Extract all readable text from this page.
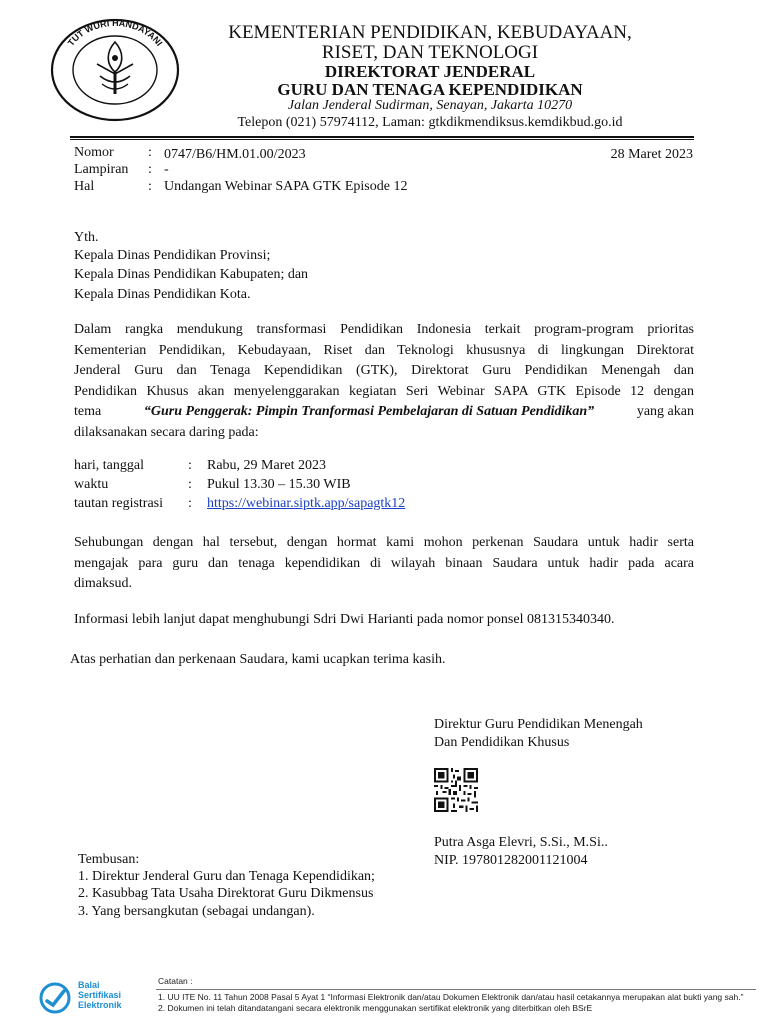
TUT WURI HANDAYANI
KEMENTERIAN PENDIDIKAN, KEBUDAYAAN,
RISET, DAN TEKNOLOGI
DIREKTORAT JENDERAL
GURU DAN TENAGA KEPENDIDIKAN
Jalan Jenderal Sudirman, Senayan, Jakarta 10270
Telepon (021) 57974112, Laman: gtkdikmendiksus.kemdikbud.go.id
Nomor : 0747/B6/HM.01.00/2023	28 Maret 2023
Lampiran : -
Hal	: Undangan Webinar SAPA GTK Episode 12
Yth.
Kepala Dinas Pendidikan Provinsi;
Kepala Dinas Pendidikan Kabupaten; dan
Kepala Dinas Pendidikan Kota.
Dalam rangka mendukung transformasi Pendidikan Indonesia terkait program-program prioritas
Kementerian Pendidikan, Kebudayaan, Riset dan Teknologi khususnya di lingkungan Direktorat
Jenderal Guru dan Tenaga Kependidikan (GTK), Direktorat Guru Pendidikan Menengah dan
Pendidikan Khusus akan menyelenggarakan kegiatan Seri Webinar SAPA GTK Episode 12 dengan
tema	“Guru Penggerak: Pimpin Tranformasi Pembelajaran di Satuan Pendidikan”	yang akan
dilaksanakan secara daring pada:
hari, tanggal	: Rabu, 29 Maret 2023
waktu	: Pukul 13.30 – 15.30 WIB
tautan registrasi : https://webinar.siptk.app/sapagtk12
Sehubungan dengan hal tersebut, dengan hormat kami mohon perkenan Saudara untuk hadir serta
mengajak para guru dan tenaga kependidikan di wilayah binaan Saudara untuk hadir pada acara
dimaksud.
Informasi lebih lanjut dapat menghubungi Sdri Dwi Harianti pada nomor ponsel 081315340340.
Atas perhatian dan perkenaan Saudara, kami ucapkan terima kasih.
Direktur Guru Pendidikan Menengah
Dan Pendidikan Khusus
Putra Asga Elevri, S.Si., M.Si..
NIP. 197801282001121004
Tembusan:
1. Direktur Jenderal Guru dan Tenaga Kependidikan;
2. Kasubbag Tata Usaha Direktorat Guru Dikmensus
3. Yang bersangkutan (sebagai undangan).
Balai
Sertifikasi
Elektronik
Catatan :
1. UU ITE No. 11 Tahun 2008 Pasal 5 Ayat 1 “Informasi Elektronik dan/atau Dokumen Elektronik dan/atau hasil cetakannya merupakan alat bukti yang sah.”
2. Dokumen ini telah ditandatangani secara elektronik menggunakan sertifikat elektronik yang diterbitkan oleh BSrE
